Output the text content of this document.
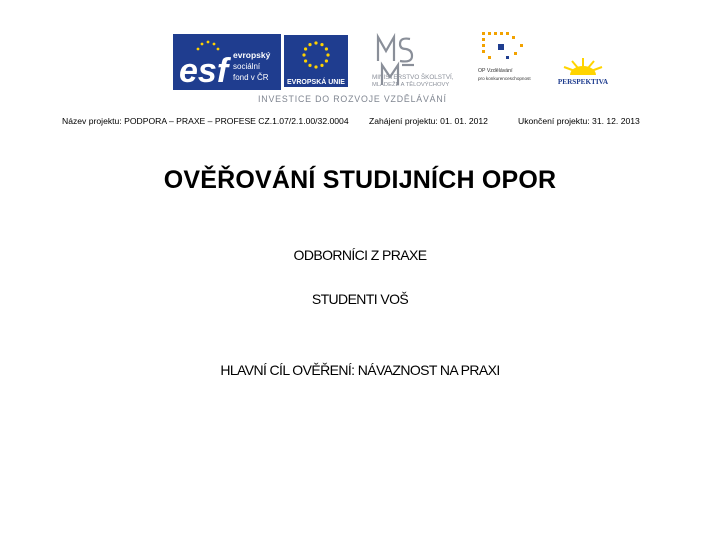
esf evropský
sociální
fond v ČR
EVROPSKÁ UNIE
MINISTERSTVO ŠKOLSTVÍ,
MLÁDEŽE A TĚLOVÝCHOVY
OP Vzdělávání
pro konkurenceschopnost	PERSPEKTIVA
INVESTICE DO ROZVOJE VZDĚLÁVÁNÍ
Název projektu: PODPORA – PRAXE – PROFESE CZ.1.07/2.1.00/32.0004 Zahájení projektu: 01. 01. 2012	Ukončení projektu: 31. 12. 2013
OVĚŘOVÁNÍ STUDIJNÍCH OPOR
ODBORNÍCI Z PRAXE
STUDENTI VOŠ
HLAVNÍ CÍL OVĚŘENÍ: NÁVAZNOST NA PRAXI
